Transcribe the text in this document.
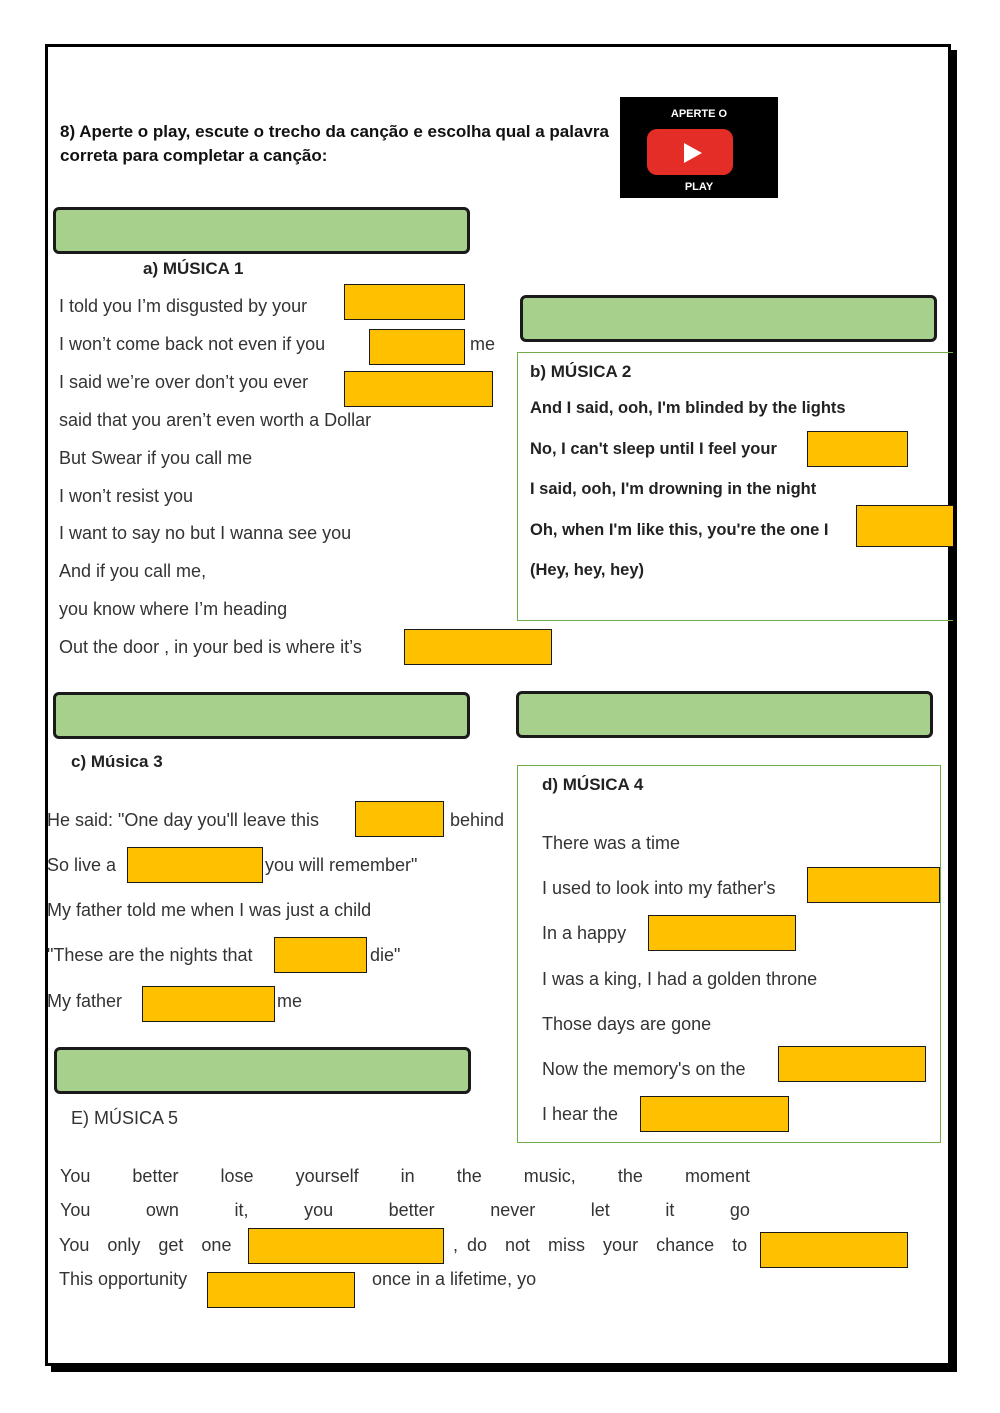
8) Aperte o play, escute o trecho da canção e escolha qual a palavra correta para completar a canção:
APERTE O
PLAY
a) MÚSICA 1
I told you I’m disgusted by your
I won’t come back not even if you	me
I said we’re over don’t you ever
said that you aren’t even worth a Dollar
But Swear if you call me
I won’t resist you
I want to say no but I wanna see you
And if you call me,
you know where I’m heading
Out the door , in your bed is where it’s
b) MÚSICA 2
And I said, ooh, I'm blinded by the lights
No, I can't sleep until I feel your
I said, ooh, I'm drowning in the night
Oh, when I'm like this, you're the one I
(Hey, hey, hey)
c) Música 3
He said: "One day you'll leave this	behind
So live a	you will remember"
My father told me when I was just a child
"These are the nights that	die"
My father	me
d) MÚSICA 4
There was a time
I used to look into my father's
In a happy
I was a king, I had a golden throne
Those days are gone
Now the memory's on the
I hear the
E) MÚSICA 5
You better lose yourself in the music, the moment
You	own	it,	you	better	never	let	it	go
You  only  get  one	, do  not  miss  your  chance  to
This opportunity	once in a lifetime, yo
